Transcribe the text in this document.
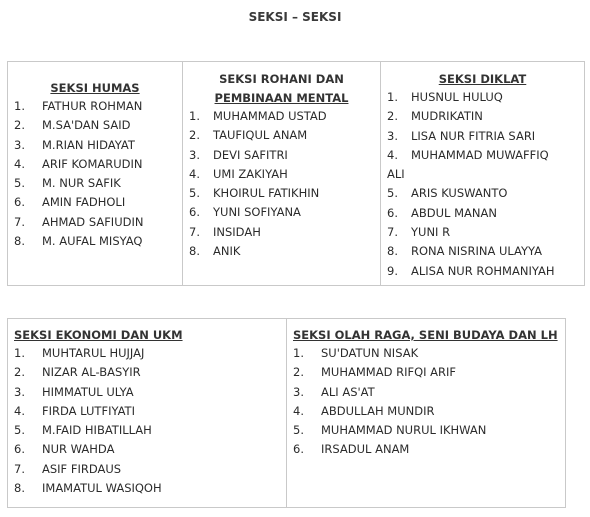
SEKSI – SEKSI
SEKSI HUMAS
1.	FATHUR ROHMAN
2.	M.SA'DAN SAID
3.	M.RIAN HIDAYAT
4.	ARIF KOMARUDIN
5.	M. NUR SAFIK
6.	AMIN FADHOLI
7.	AHMAD SAFIUDIN
8.	M. AUFAL MISYAQ

SEKSI ROHANI DAN
PEMBINAAN MENTAL
1.	MUHAMMAD USTAD
2.	TAUFIQUL ANAM
3.	DEVI SAFITRI
4.	UMI ZAKIYAH
5.	KHOIRUL FATIKHIN
6.	YUNI SOFIYANA
7.	INSIDAH
8.	ANIK

SEKSI DIKLAT
1.	HUSNUL HULUQ
2.	MUDRIKATIN
3.	LISA NUR FITRIA SARI
4.	MUHAMMAD MUWAFFIQ
ALI
5.	ARIS KUSWANTO
6.	ABDUL MANAN
7.	YUNI R
8.	RONA NISRINA ULAYYA
9.	ALISA NUR ROHMANIYAH
SEKSI EKONOMI DAN UKM
1.	MUHTARUL HUJJAJ
2.	NIZAR AL-BASYIR
3.	HIMMATUL ULYA
4.	FIRDA LUTFIYATI
5.	M.FAID HIBATILLAH
6.	NUR WAHDA
7.	ASIF FIRDAUS
8.	IMAMATUL WASIQOH

SEKSI OLAH RAGA, SENI BUDAYA DAN LH
1.	SU'DATUN NISAK
2.	MUHAMMAD RIFQI ARIF
3.	ALI AS'AT
4.	ABDULLAH MUNDIR
5.	MUHAMMAD NURUL IKHWAN
6.	IRSADUL ANAM
